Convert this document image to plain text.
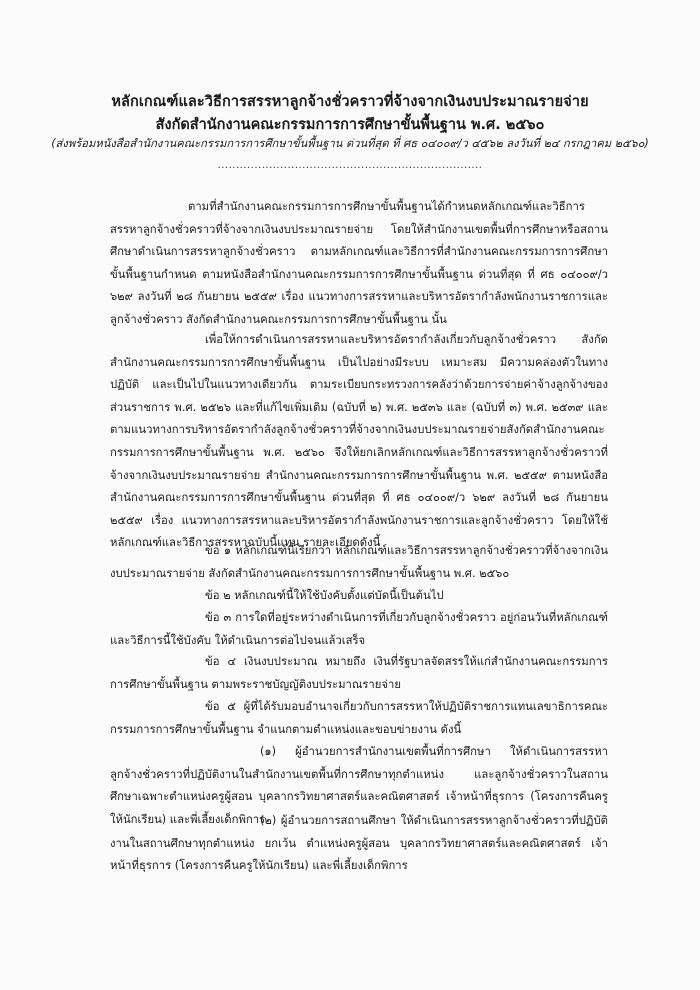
หลักเกณฑ์และวิธีการสรรหาลูกจ้างชั่วคราวที่จ้างจากเงินงบประมาณรายจ่าย
สังกัดสำนักงานคณะกรรมการการศึกษาขั้นพื้นฐาน พ.ศ. ๒๕๖๐
(ส่งพร้อมหนังสือสำนักงานคณะกรรมการการศึกษาขั้นพื้นฐาน ด่วนที่สุด ที่ ศธ ๐๔๐๐๙/ว ๔๕๖๒ ลงวันที่ ๒๔ กรกฎาคม ๒๕๖๐)
........................................................................
ตามที่สำนักงานคณะกรรมการการศึกษาขั้นพื้นฐานได้กำหนดหลักเกณฑ์และวิธีการสรรหาลูกจ้างชั่วคราวที่จ้างจากเงินงบประมาณรายจ่าย โดยให้สำนักงานเขตพื้นที่การศึกษาหรือสถานศึกษาดำเนินการสรรหาลูกจ้างชั่วคราว ตามหลักเกณฑ์และวิธีการที่สำนักงานคณะกรรมการการศึกษาขั้นพื้นฐานกำหนด ตามหนังสือสำนักงานคณะกรรมการการศึกษาขั้นพื้นฐาน ด่วนที่สุด ที่ ศธ ๐๔๐๐๙/ว ๖๒๙ ลงวันที่ ๒๘ กันยายน ๒๕๕๙ เรื่อง แนวทางการสรรหาและบริหารอัตรากำลังพนักงานราชการและลูกจ้างชั่วคราว สังกัดสำนักงานคณะกรรมการการศึกษาขั้นพื้นฐาน นั้น
เพื่อให้การดำเนินการสรรหาและบริหารอัตรากำลังเกี่ยวกับลูกจ้างชั่วคราว สังกัดสำนักงานคณะกรรมการการศึกษาขั้นพื้นฐาน เป็นไปอย่างมีระบบ เหมาะสม มีความคล่องตัวในทางปฏิบัติ และเป็นไปในแนวทางเดียวกัน ตามระเบียบกระทรวงการคลังว่าด้วยการจ่ายค่าจ้างลูกจ้างของส่วนราชการ พ.ศ. ๒๕๒๖ และที่แก้ไขเพิ่มเติม (ฉบับที่ ๒) พ.ศ. ๒๕๓๖ และ (ฉบับที่ ๓) พ.ศ. ๒๕๓๙ และตามแนวทางการบริหารอัตรากำลังลูกจ้างชั่วคราวที่จ้างจากเงินงบประมาณรายจ่ายสังกัดสำนักงานคณะกรรมการการศึกษาขั้นพื้นฐาน พ.ศ. ๒๕๖๐ จึงให้ยกเลิกหลักเกณฑ์และวิธีการสรรหาลูกจ้างชั่วคราวที่จ้างจากเงินงบประมาณรายจ่าย สำนักงานคณะกรรมการการศึกษาขั้นพื้นฐาน พ.ศ. ๒๕๕๙ ตามหนังสือสำนักงานคณะกรรมการการศึกษาขั้นพื้นฐาน ด่วนที่สุด ที่ ศธ ๐๔๐๐๙/ว ๖๒๙ ลงวันที่ ๒๘ กันยายน ๒๕๕๙ เรื่อง แนวทางการสรรหาและบริหารอัตรากำลังพนักงานราชการและลูกจ้างชั่วคราว โดยให้ใช้หลักเกณฑ์และวิธีการสรรหาฉบับนี้แทน รายละเอียดดังนี้
ข้อ ๑ หลักเกณฑ์นี้เรียกว่า หลักเกณฑ์และวิธีการสรรหาลูกจ้างชั่วคราวที่จ้างจากเงินงบประมาณรายจ่าย สังกัดสำนักงานคณะกรรมการการศึกษาขั้นพื้นฐาน พ.ศ. ๒๕๖๐
ข้อ ๒ หลักเกณฑ์นี้ให้ใช้บังคับตั้งแต่บัดนี้เป็นต้นไป
ข้อ ๓ การใดที่อยู่ระหว่างดำเนินการที่เกี่ยวกับลูกจ้างชั่วคราว อยู่ก่อนวันที่หลักเกณฑ์และวิธีการนี้ใช้บังคับ ให้ดำเนินการต่อไปจนแล้วเสร็จ
ข้อ ๔ เงินงบประมาณ หมายถึง เงินที่รัฐบาลจัดสรรให้แก่สำนักงานคณะกรรมการการศึกษาขั้นพื้นฐาน ตามพระราชบัญญัติงบประมาณรายจ่าย
ข้อ ๕ ผู้ที่ได้รับมอบอำนาจเกี่ยวกับการสรรหาให้ปฏิบัติราชการแทนเลขาธิการคณะกรรมการการศึกษาขั้นพื้นฐาน จำแนกตามตำแหน่งและขอบข่ายงาน ดังนี้
(๑) ผู้อำนวยการสำนักงานเขตพื้นที่การศึกษา ให้ดำเนินการสรรหาลูกจ้างชั่วคราวที่ปฏิบัติงานในสำนักงานเขตพื้นที่การศึกษาทุกตำแหน่ง และลูกจ้างชั่วคราวในสถานศึกษาเฉพาะตำแหน่งครูผู้สอน บุคลากรวิทยาศาสตร์และคณิตศาสตร์ เจ้าหน้าที่ธุรการ (โครงการคืนครูให้นักเรียน) และพี่เลี้ยงเด็กพิการ
(๒) ผู้อำนวยการสถานศึกษา ให้ดำเนินการสรรหาลูกจ้างชั่วคราวที่ปฏิบัติงานในสถานศึกษาทุกตำแหน่ง ยกเว้น ตำแหน่งครูผู้สอน บุคลากรวิทยาศาสตร์และคณิตศาสตร์ เจ้าหน้าที่ธุรการ (โครงการคืนครูให้นักเรียน) และพี่เลี้ยงเด็กพิการ
